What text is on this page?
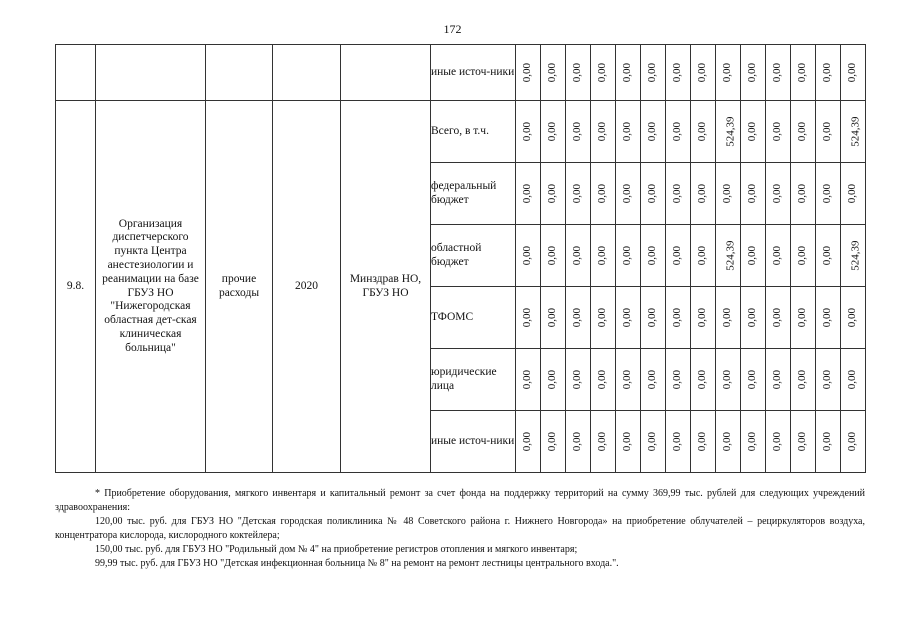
172
					иные источ-ники	0,00	0,00	0,00	0,00	0,00	0,00	0,00	0,00	0,00	0,00	0,00	0,00	0,00	0,00
9.8.	Организация диспетчерского пункта Центра анестезиологии и реанимации на базе ГБУЗ НО "Нижегородская областная дет-ская клиническая больница"	прочие расходы	2020	Минздрав НО, ГБУЗ НО	Всего, в т.ч.	0,00	0,00	0,00	0,00	0,00	0,00	0,00	0,00	524,39	0,00	0,00	0,00	0,00	524,39
					федеральный бюджет	0,00	0,00	0,00	0,00	0,00	0,00	0,00	0,00	0,00	0,00	0,00	0,00	0,00	0,00
					областной бюджет	0,00	0,00	0,00	0,00	0,00	0,00	0,00	0,00	524,39	0,00	0,00	0,00	0,00	524,39
					ТФОМС	0,00	0,00	0,00	0,00	0,00	0,00	0,00	0,00	0,00	0,00	0,00	0,00	0,00	0,00
					юридические лица	0,00	0,00	0,00	0,00	0,00	0,00	0,00	0,00	0,00	0,00	0,00	0,00	0,00	0,00
					иные источ-ники	0,00	0,00	0,00	0,00	0,00	0,00	0,00	0,00	0,00	0,00	0,00	0,00	0,00	0,00

* Приобретение оборудования, мягкого инвентаря и капитальный ремонт за счет фонда на поддержку территорий на сумму 369,99 тыс. рублей для следующих учреждений здравоохранения:

120,00 тыс. руб. для ГБУЗ НО "Детская городская поликлиника № 48 Советского района г. Нижнего Новгорода» на приобретение облучателей – рециркуляторов воздуха, концентратора кислорода, кислородного коктейлера;

150,00 тыс. руб. для ГБУЗ НО "Родильный дом № 4" на приобретение регистров отопления и мягкого инвентаря;

99,99 тыс. руб. для ГБУЗ НО "Детская инфекционная больница № 8" на ремонт на ремонт лестницы центрального входа.".
